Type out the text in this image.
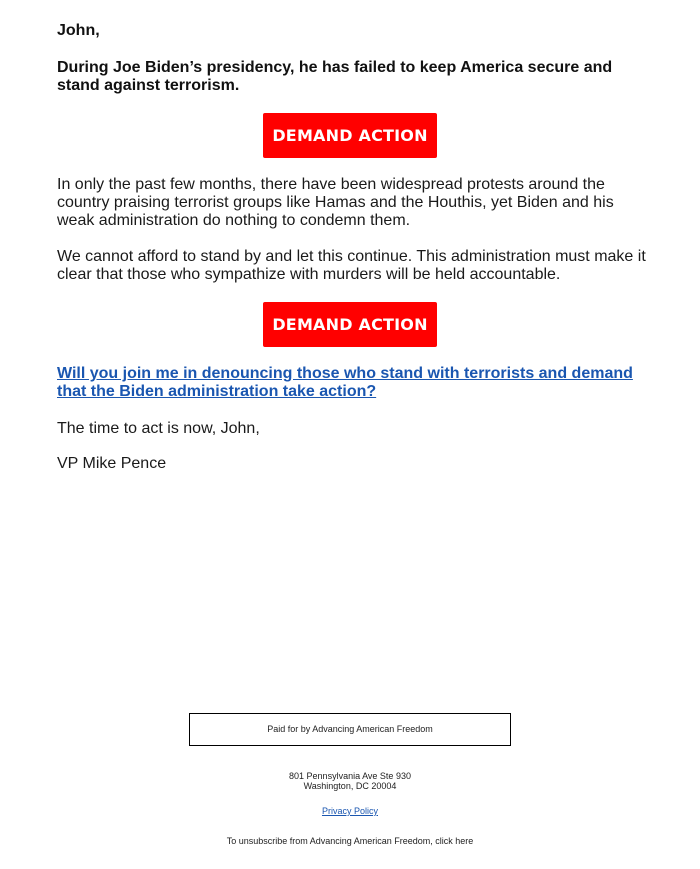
John,

During Joe Biden’s presidency, he has failed to keep America secure and stand against terrorism.

DEMAND ACTION

In only the past few months, there have been widespread protests around the country praising terrorist groups like Hamas and the Houthis, yet Biden and his weak administration do nothing to condemn them.

We cannot afford to stand by and let this continue. This administration must make it clear that those who sympathize with murders will be held accountable.

DEMAND ACTION
Will you join me in denouncing those who stand with terrorists and demand that the Biden administration take action?

The time to act is now, John,

VP Mike Pence

Paid for by Advancing American Freedom
801 Pennsylvania Ave Ste 930
Washington, DC 20004
Privacy Policy
To unsubscribe from Advancing American Freedom, click here
